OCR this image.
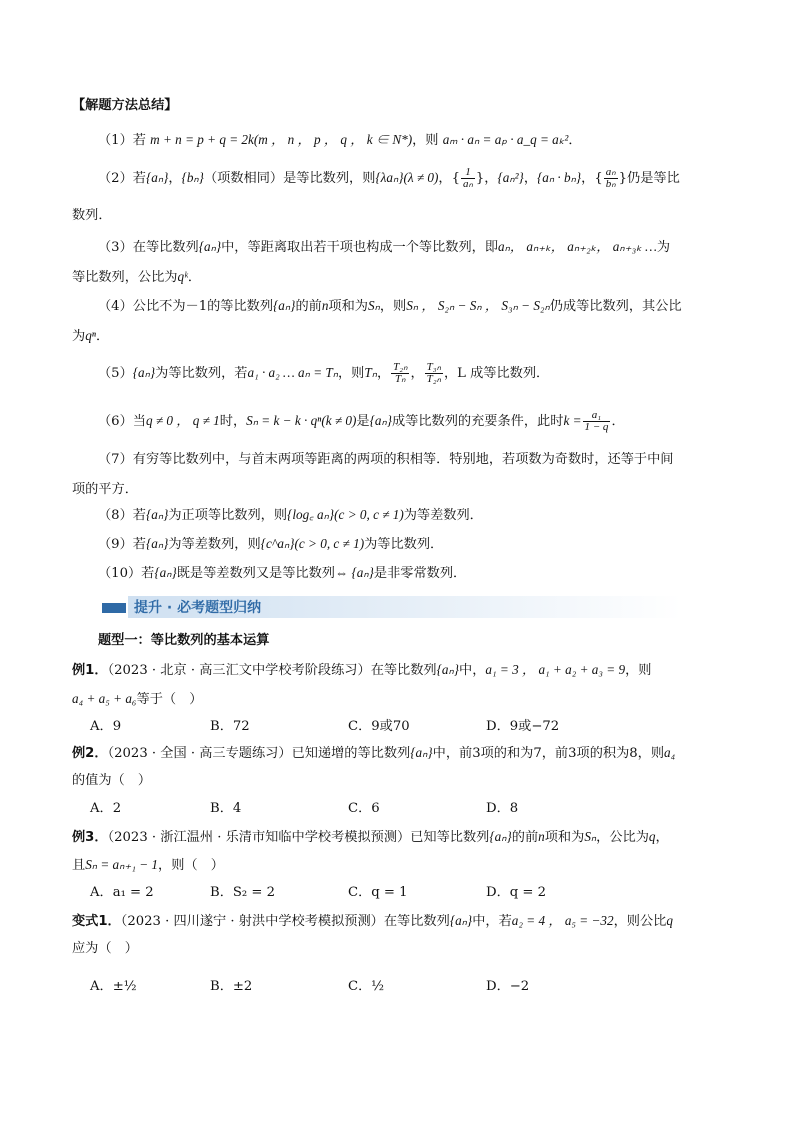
【解题方法总结】
（1）若 m + n = p + q = 2k(m ， n ， p ， q ， k ∈ N*)，则 aₘ · aₙ = aₚ · a_q = aₖ²．
（2）若{aₙ}，{bₙ}（项数相同）是等比数列，则{λaₙ}(λ ≠ 0)，{ $\frac{1}{\text{aₙ}}$ }，{aₙ²}，{aₙ · bₙ}，{ $\frac{\text{aₙ}}{\text{bₙ}}$ }仍是等比
数列．
（3）在等比数列{aₙ}中，等距离取出若干项也构成一个等比数列，即aₙ， aₙ₊ₖ， aₙ₊₂ₖ， aₙ₊₃ₖ …为
等比数列，公比为qᵏ．
（4）公比不为－1的等比数列{aₙ}的前n项和为Sₙ，则Sₙ ， S₂ₙ − Sₙ ， S₃ₙ − S₂ₙ仍成等比数列，其公比
为qⁿ．
（5）{aₙ}为等比数列，若a₁ · a₂ … aₙ = Tₙ，则Tₙ， $\frac{\text{T₂ₙ}}{\text{Tₙ}}$ ， $\frac{\text{T₃ₙ}}{\text{T₂ₙ}}$ ，L 成等比数列．
（6）当q ≠ 0 ， q ≠ 1时，Sₙ = k − k · qⁿ(k ≠ 0)是{aₙ}成等比数列的充要条件，此时$k = \frac{\text{a₁}}{1 - q}$ ．
（7）有穷等比数列中，与首末两项等距离的两项的积相等．特别地，若项数为奇数时，还等于中间
项的平方．
（8）若{aₙ}为正项等比数列，则{log꜀ aₙ}(c > 0, c ≠ 1)为等差数列．
（9）若{aₙ}为等差数列，则{c^aₙ}(c > 0, c ≠ 1)为等比数列．
（10）若{aₙ}既是等差数列又是等比数列⇔ {aₙ}是非零常数列．
提升 · 必考题型归纳
题型一：等比数列的基本运算
例1．（2023 · 北京 · 高三汇文中学校考阶段练习）在等比数列{aₙ}中，a₁ = 3 ， a₁ + a₂ + a₃ = 9，则
a₄ + a₅ + a₆等于（　）
A．9	B．72	C．9或70	D．9或−72
例2．（2023 · 全国 · 高三专题练习）已知递增的等比数列{aₙ}中，前3项的和为7，前3项的积为8，则a₄
的值为（　）
A．2	B．4	C．6	D．8
例3．（2023 · 浙江温州 · 乐清市知临中学校考模拟预测）已知等比数列{aₙ}的前n项和为Sₙ，公比为q，
且Sₙ = aₙ₊₁ − 1，则（　）
A．a₁ = 2	B．S₂ = 2	C．q = 1	D．q = 2
变式1．（2023 · 四川遂宁 · 射洪中学校考模拟预测）在等比数列{aₙ}中，若a₂ = 4 ， a₅ = −32，则公比q
应为（　）
A．±½	B．±2	C．½	D．−2
